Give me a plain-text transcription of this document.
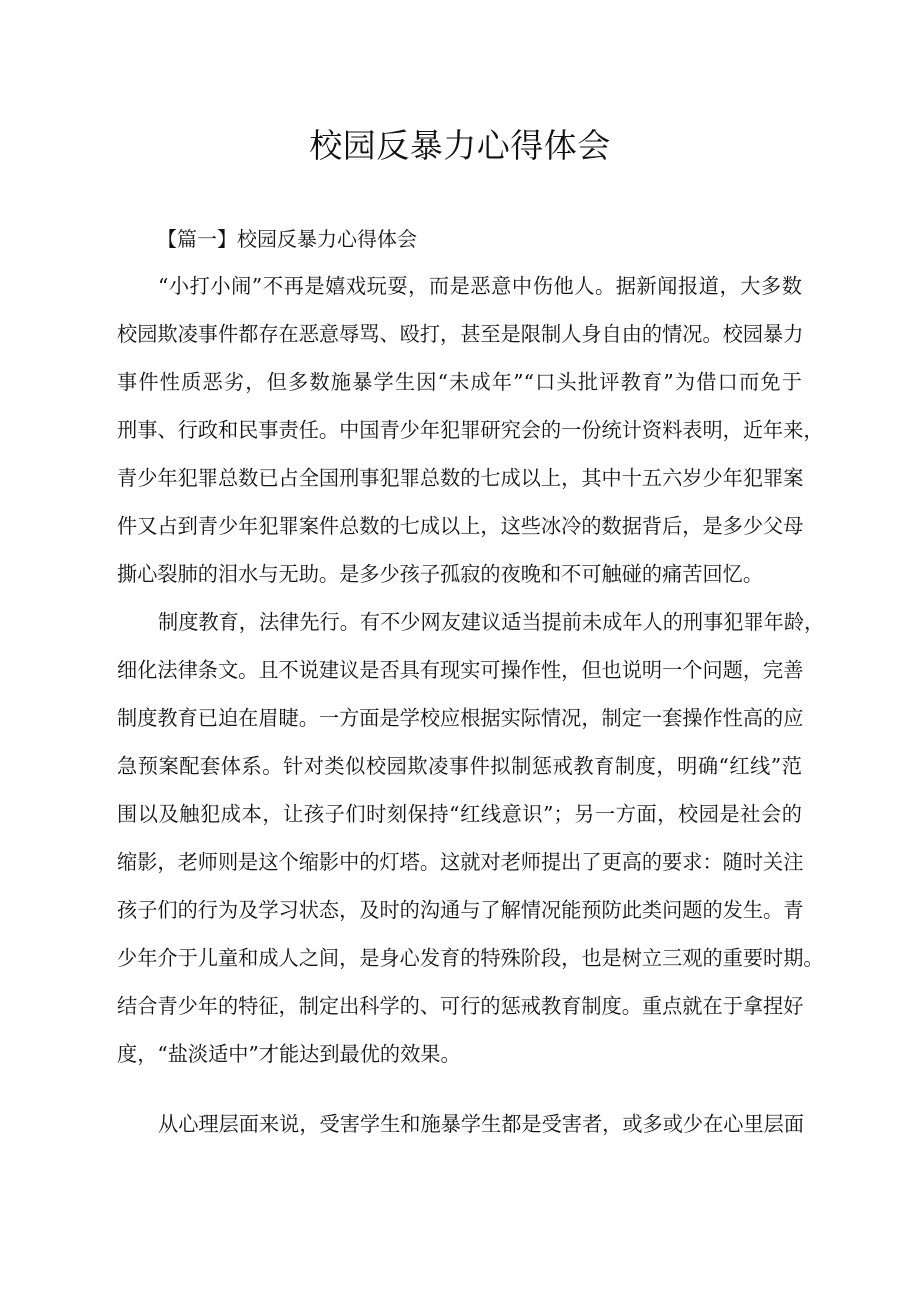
校园反暴力心得体会

【篇一】校园反暴力心得体会

“小打小闹”不再是嬉戏玩耍，而是恶意中伤他人。据新闻报道，大多数

校园欺凌事件都存在恶意辱骂、殴打，甚至是限制人身自由的情况。校园暴力

事件性质恶劣，但多数施暴学生因“未成年”“口头批评教育”为借口而免于

刑事、行政和民事责任。中国青少年犯罪研究会的一份统计资料表明，近年来，

青少年犯罪总数已占全国刑事犯罪总数的七成以上，其中十五六岁少年犯罪案

件又占到青少年犯罪案件总数的七成以上，这些冰冷的数据背后，是多少父母

撕心裂肺的泪水与无助。是多少孩子孤寂的夜晚和不可触碰的痛苦回忆。

制度教育，法律先行。有不少网友建议适当提前未成年人的刑事犯罪年龄，

细化法律条文。且不说建议是否具有现实可操作性，但也说明一个问题，完善

制度教育已迫在眉睫。一方面是学校应根据实际情况，制定一套操作性高的应

急预案配套体系。针对类似校园欺凌事件拟制惩戒教育制度，明确“红线”范

围以及触犯成本，让孩子们时刻保持“红线意识”；另一方面，校园是社会的

缩影，老师则是这个缩影中的灯塔。这就对老师提出了更高的要求：随时关注

孩子们的行为及学习状态，及时的沟通与了解情况能预防此类问题的发生。青

少年介于儿童和成人之间，是身心发育的特殊阶段，也是树立三观的重要时期。

结合青少年的特征，制定出科学的、可行的惩戒教育制度。重点就在于拿捏好

度，“盐淡适中”才能达到最优的效果。

从心理层面来说，受害学生和施暴学生都是受害者，或多或少在心里层面
